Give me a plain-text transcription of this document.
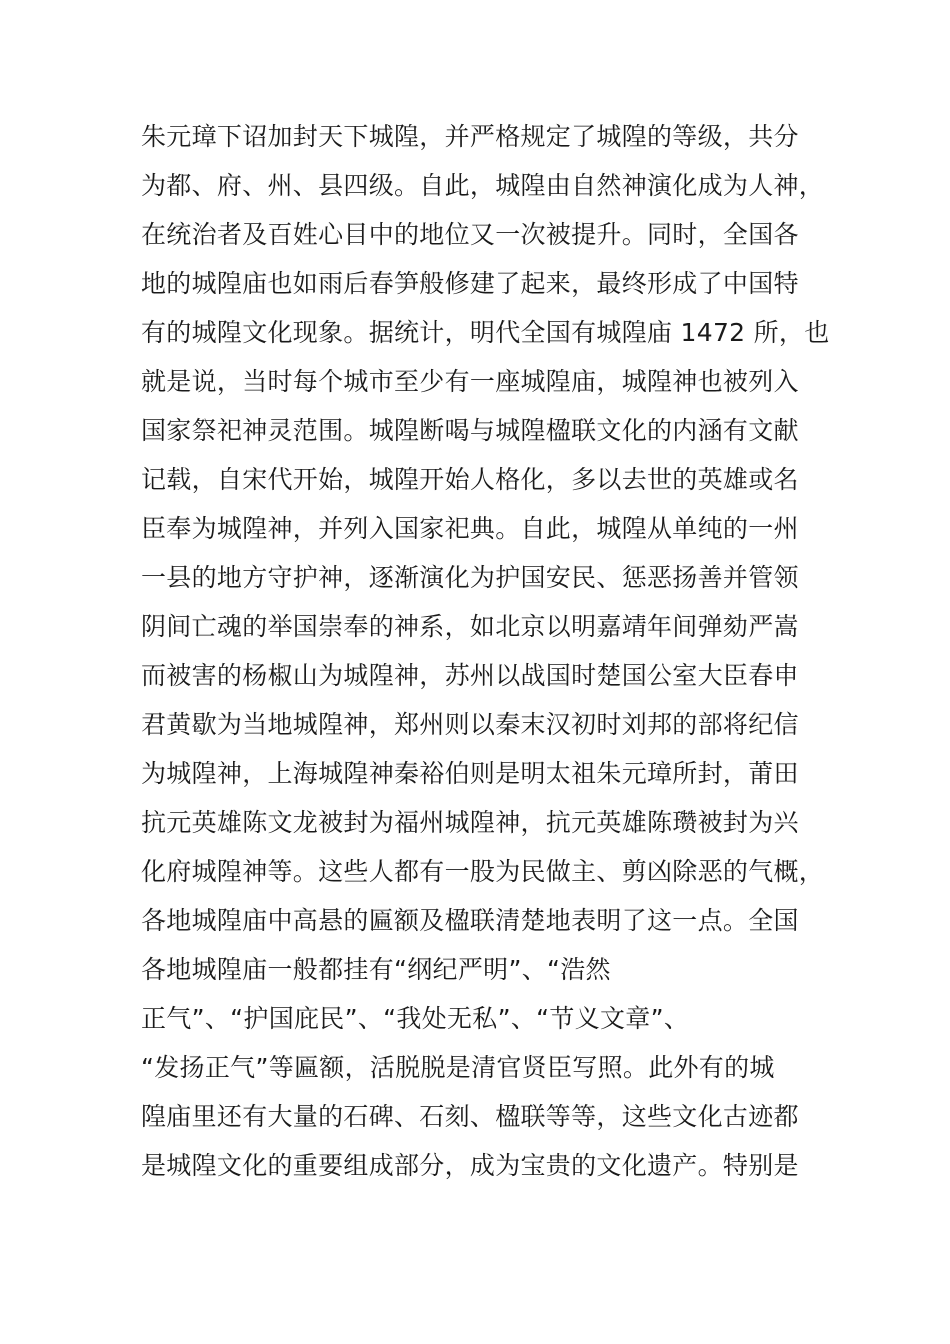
朱元璋下诏加封天下城隍，并严格规定了城隍的等级，共分
为都、府、州、县四级。自此，城隍由自然神演化成为人神，
在统治者及百姓心目中的地位又一次被提升。同时，全国各
地的城隍庙也如雨后春笋般修建了起来，最终形成了中国特
有的城隍文化现象。据统计，明代全国有城隍庙 1472 所，也
就是说，当时每个城市至少有一座城隍庙，城隍神也被列入
国家祭祀神灵范围。城隍断喝与城隍楹联文化的内涵有文献
记载，自宋代开始，城隍开始人格化，多以去世的英雄或名
臣奉为城隍神，并列入国家祀典。自此，城隍从单纯的一州
一县的地方守护神，逐渐演化为护国安民、惩恶扬善并管领
阴间亡魂的举国崇奉的神系，如北京以明嘉靖年间弹劾严嵩
而被害的杨椒山为城隍神，苏州以战国时楚国公室大臣春申
君黄歇为当地城隍神，郑州则以秦末汉初时刘邦的部将纪信
为城隍神，上海城隍神秦裕伯则是明太祖朱元璋所封，莆田
抗元英雄陈文龙被封为福州城隍神，抗元英雄陈瓒被封为兴
化府城隍神等。这些人都有一股为民做主、剪凶除恶的气概，
各地城隍庙中高悬的匾额及楹联清楚地表明了这一点。全国
各地城隍庙一般都挂有“纲纪严明”、“浩然
正气”、“护国庇民”、“我处无私”、“节义文章”、
“发扬正气”等匾额，活脱脱是清官贤臣写照。此外有的城
隍庙里还有大量的石碑、石刻、楹联等等，这些文化古迹都
是城隍文化的重要组成部分，成为宝贵的文化遗产。特别是
